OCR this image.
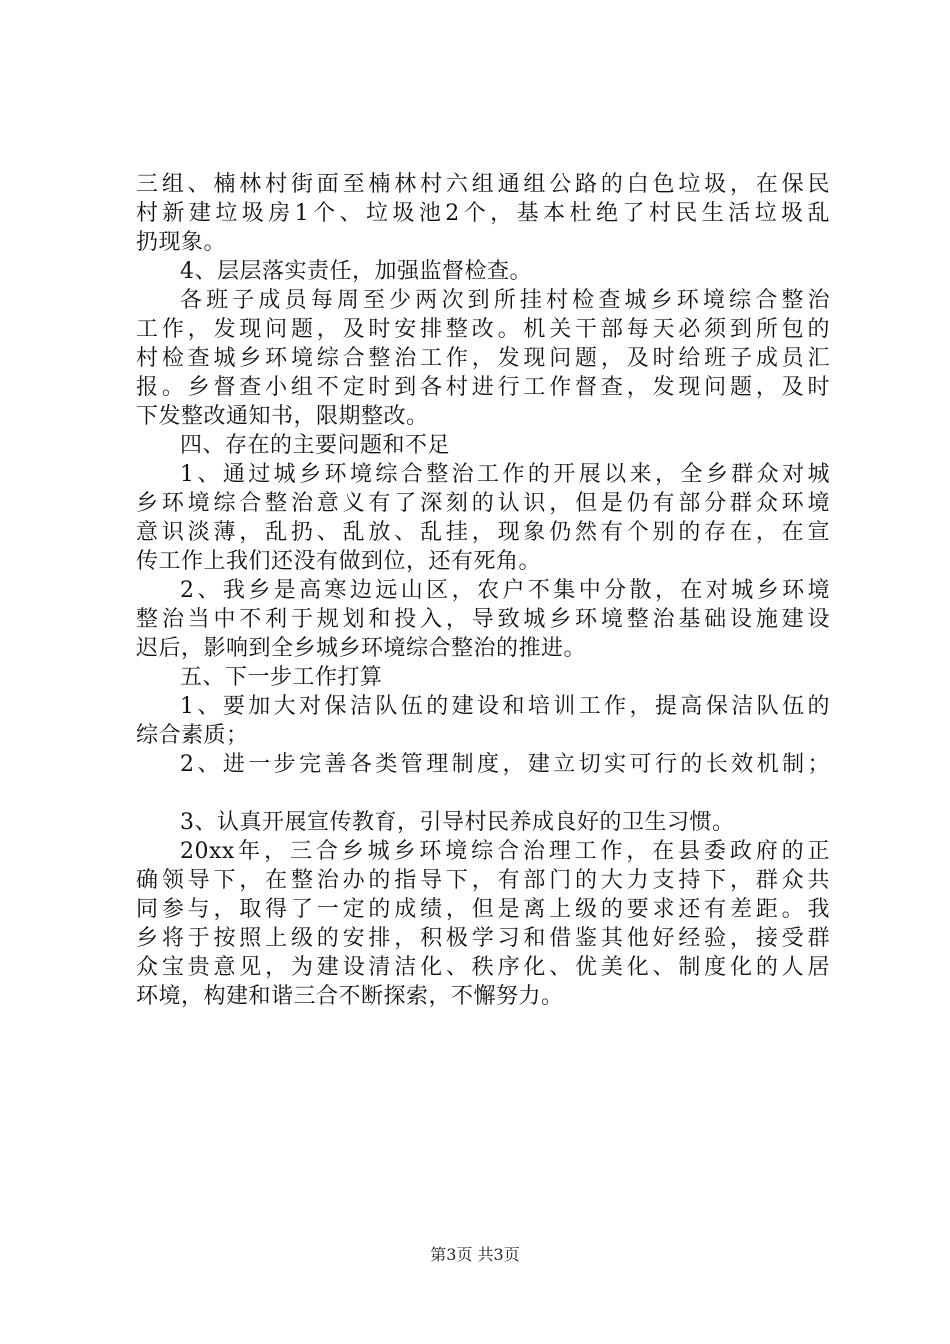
三组、楠林村街面至楠林村六组通组公路的白色垃圾，在保民
村新建垃圾房1个、垃圾池2个，基本杜绝了村民生活垃圾乱
扔现象。
4、层层落实责任，加强监督检查。
各班子成员每周至少两次到所挂村检查城乡环境综合整治
工作，发现问题，及时安排整改。机关干部每天必须到所包的
村检查城乡环境综合整治工作，发现问题，及时给班子成员汇
报。乡督查小组不定时到各村进行工作督查，发现问题，及时
下发整改通知书，限期整改。
四、存在的主要问题和不足
1、通过城乡环境综合整治工作的开展以来，全乡群众对城
乡环境综合整治意义有了深刻的认识，但是仍有部分群众环境
意识淡薄，乱扔、乱放、乱挂，现象仍然有个别的存在，在宣
传工作上我们还没有做到位，还有死角。
2、我乡是高寒边远山区，农户不集中分散，在对城乡环境
整治当中不利于规划和投入，导致城乡环境整治基础设施建设
迟后，影响到全乡城乡环境综合整治的推进。
五、下一步工作打算
1、要加大对保洁队伍的建设和培训工作，提高保洁队伍的
综合素质；
2、进一步完善各类管理制度，建立切实可行的长效机制；
3、认真开展宣传教育，引导村民养成良好的卫生习惯。
20xx年，三合乡城乡环境综合治理工作，在县委政府的正
确领导下，在整治办的指导下，有部门的大力支持下，群众共
同参与，取得了一定的成绩，但是离上级的要求还有差距。我
乡将于按照上级的安排，积极学习和借鉴其他好经验，接受群
众宝贵意见，为建设清洁化、秩序化、优美化、制度化的人居
环境，构建和谐三合不断探索，不懈努力。
第3页 共3页
